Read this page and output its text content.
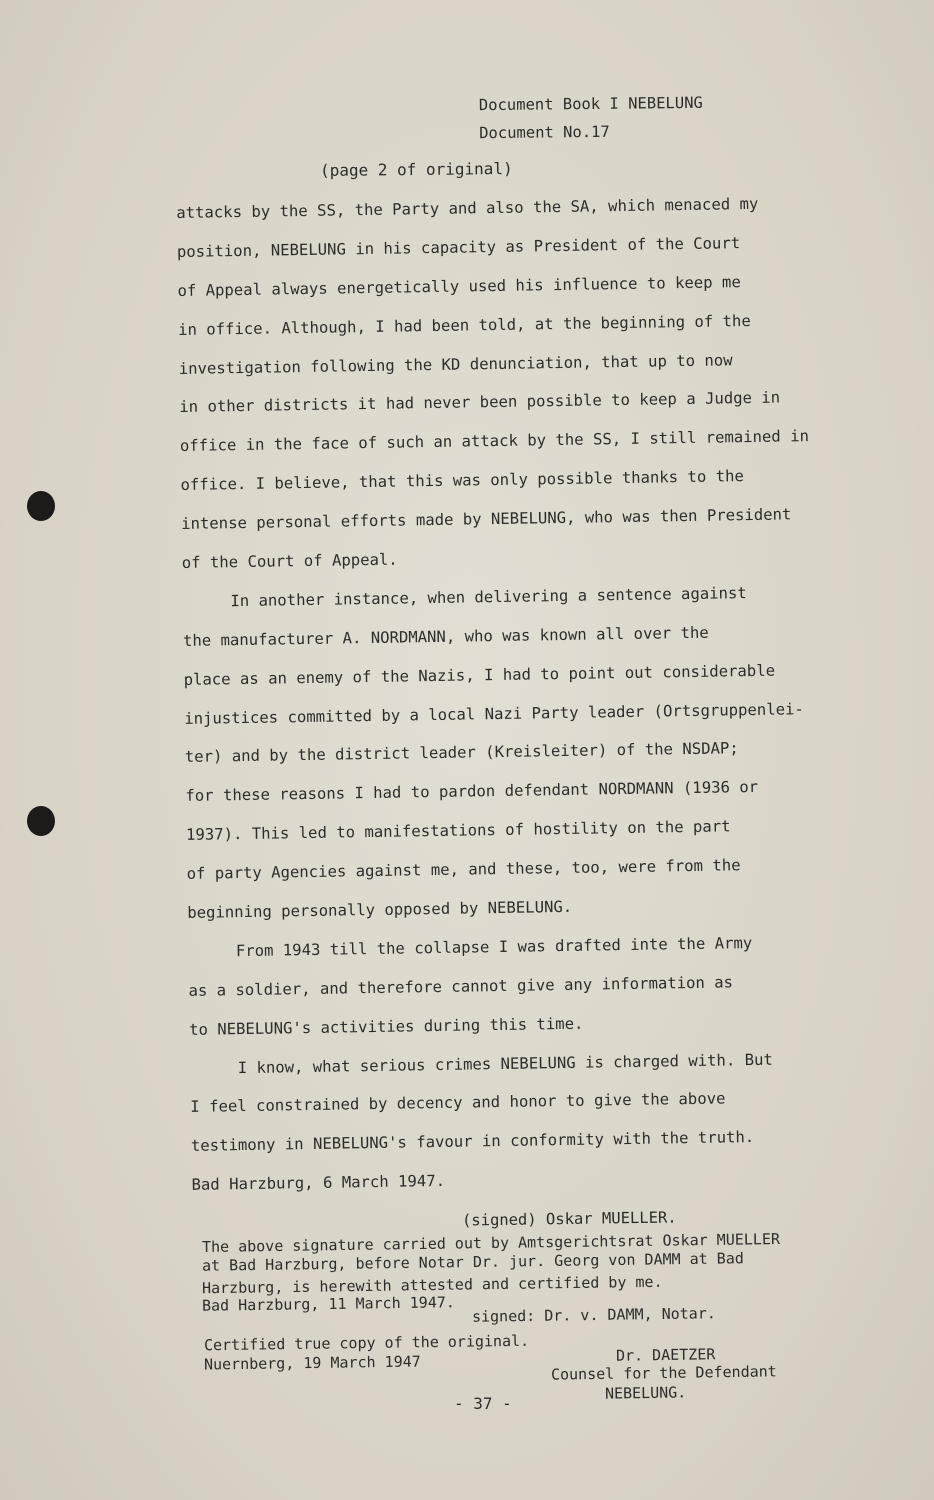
Document Book I NEBELUNG
Document No.17
(page 2 of original)
attacks by the SS, the Party and also the SA, which menaced my
position, NEBELUNG in his capacity as President of the Court
of Appeal always energetically used his influence to keep me
in office. Although, I had been told, at the beginning of the
investigation following the KD denunciation, that up to now
in other districts it had never been possible to keep a Judge in
office in the face of such an attack by the SS, I still remained in
office. I believe, that this was only possible thanks to the
intense personal efforts made by NEBELUNG, who was then President
of the Court of Appeal.
In another instance, when delivering a sentence against
the manufacturer A. NORDMANN, who was known all over the
place as an enemy of the Nazis, I had to point out considerable
injustices committed by a local Nazi Party leader (Ortsgruppenlei-
ter) and by the district leader (Kreisleiter) of the NSDAP;
for these reasons I had to pardon defendant NORDMANN (1936 or
1937). This led to manifestations of hostility on the part
of party Agencies against me, and these, too, were from the
beginning personally opposed by NEBELUNG.
From 1943 till the collapse I was drafted inte the Army
as a soldier, and therefore cannot give any information as
to NEBELUNG's activities during this time.
I know, what serious crimes NEBELUNG is charged with. But
I feel constrained by decency and honor to give the above
testimony in NEBELUNG's favour in conformity with the truth.
Bad Harzburg, 6 March 1947.
(signed) Oskar MUELLER.
The above signature carried out by Amtsgerichtsrat Oskar MUELLER
at Bad Harzburg, before Notar Dr. jur. Georg von DAMM at Bad
Harzburg, is herewith attested and certified by me.
Bad Harzburg, 11 March 1947.
signed: Dr. v. DAMM, Notar.
Certified true copy of the original.
Nuernberg, 19 March 1947	Dr. DAETZER
Counsel for the Defendant
NEBELUNG.
- 37 -
